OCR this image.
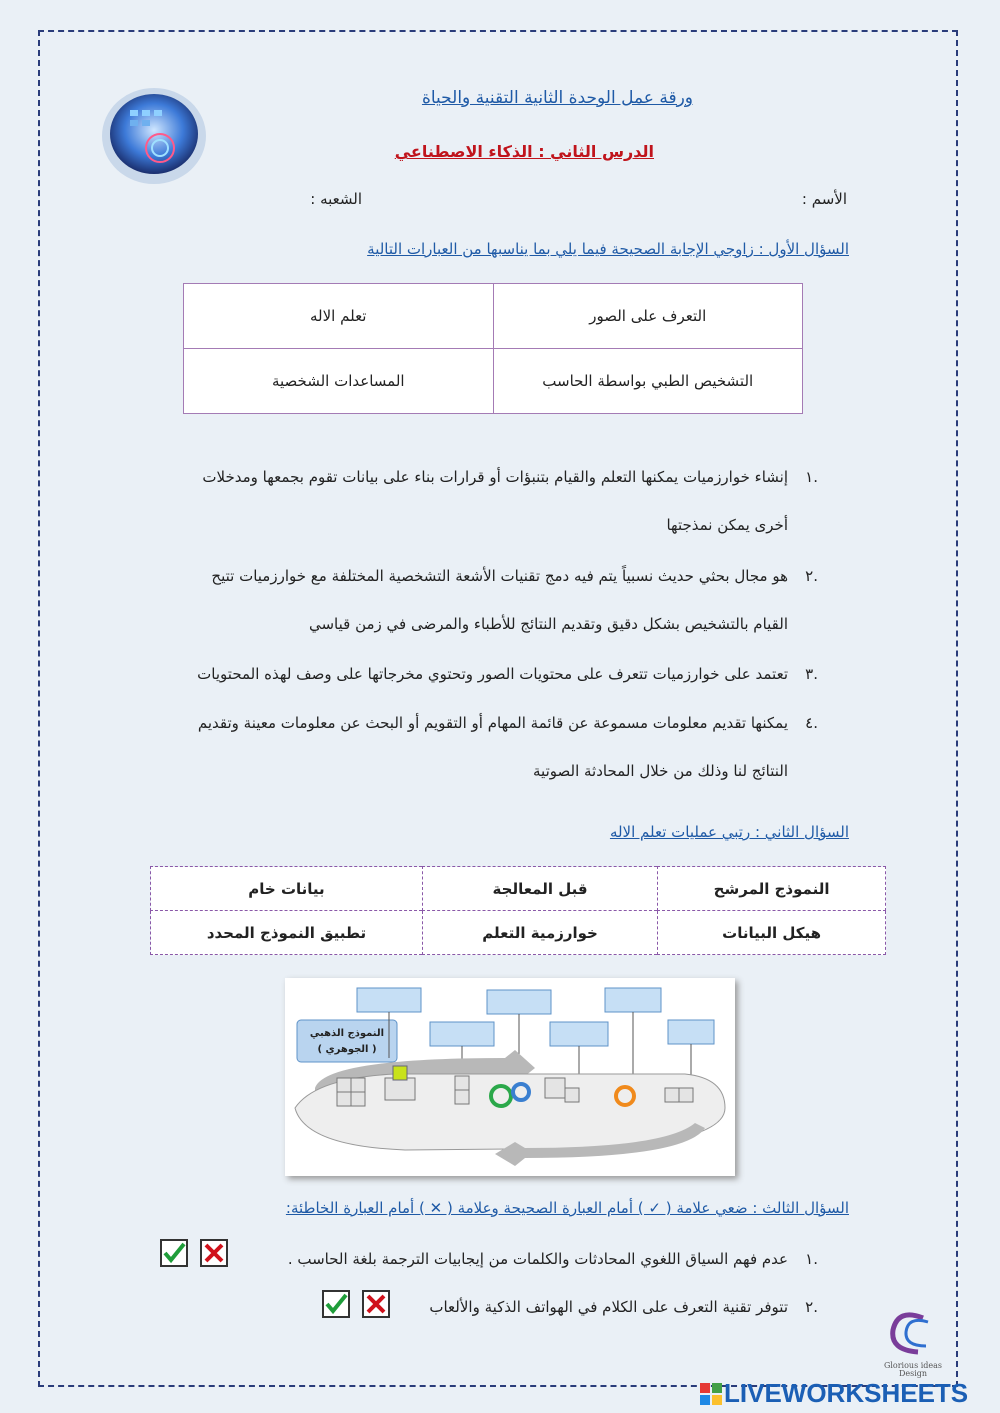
ورقة عمل الوحدة الثانية التقنية والحياة
الدرس الثاني : الذكاء الاصطناعي
الأسم :
الشعبه :
السؤال الأول : زاوجي الإجابة الصحيحة فيما يلي بما يناسبها من العبارات التالية
التعرف على الصور	تعلم الاله
التشخيص الطبي بواسطة الحاسب	المساعدات الشخصية
.١
إنشاء خوارزميات يمكنها التعلم والقيام بتنبؤات أو قرارات بناء على بيانات تقوم بجمعها ومدخلات
أخرى يمكن نمذجتها
.٢
هو مجال بحثي حديث نسبياً يتم فيه دمج تقنيات الأشعة التشخصية المختلفة مع خوارزميات تتيح
القيام بالتشخيص بشكل دقيق وتقديم النتائج للأطباء والمرضى في زمن قياسي
.٣
تعتمد على خوارزميات تتعرف على محتويات الصور وتحتوي مخرجاتها على وصف لهذه المحتويات
.٤
يمكنها تقديم معلومات مسموعة عن قائمة المهام أو التقويم أو البحث عن معلومات معينة وتقديم
النتائج لنا وذلك من خلال المحادثة الصوتية
السؤال الثاني : رتبي عمليات تعلم الاله
النموذج المرشح	قبل المعالجة	بيانات خام
هيكل البيانات	خوارزمية التعلم	تطبيق النموذج المحدد
النموذج الذهبي
( الجوهري )
السؤال الثالث : ضعي علامة ( ✓ ) أمام العبارة الصحيحة وعلامة ( ✕ ) أمام العبارة الخاطئة:
.١
عدم فهم السياق اللغوي المحادثات والكلمات من إيجابيات الترجمة بلغة الحاسب .
.٢
تتوفر تقنية التعرف على الكلام في الهواتف الذكية والألعاب
Glorious ideas Design
LIVEWORKSHEETS
